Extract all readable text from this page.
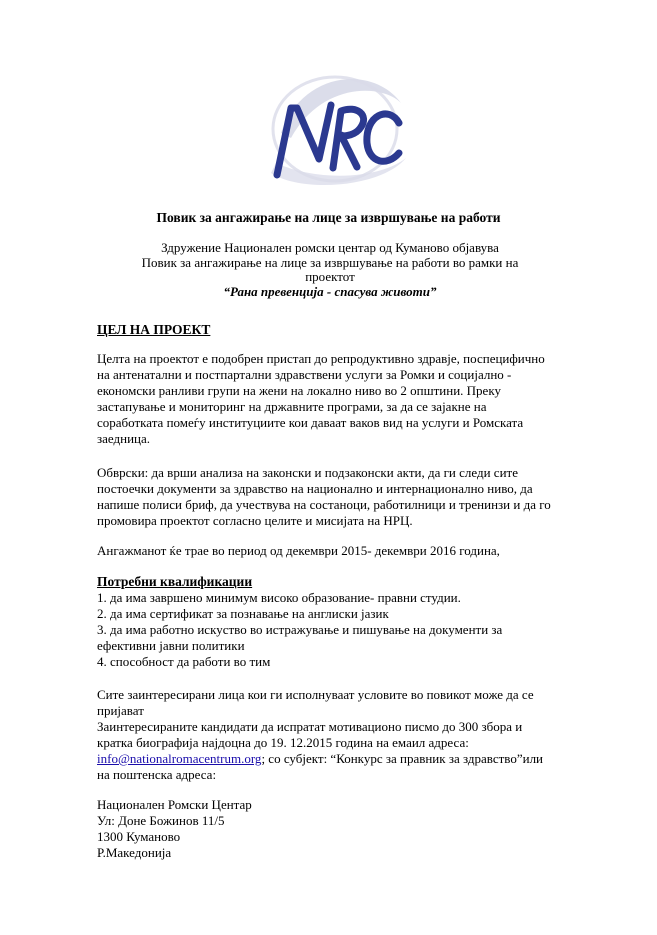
Повик за ангажирање на лице за извршување на работи
Здружение Национален ромски центар од Куманово објавува
Повик за ангажирање на лице за извршување на работи во рамки на
проектот
“Рана превенција - спасува животи”
ЦЕЛ НА ПРОЕКТ

Целта на проектот е подобрен пристап до репродуктивно здравје, поспецифично на антенатални и постпартални здравствени услуги за Ромки и социјално - економски ранливи групи на жени на локално ниво во 2 општини. Преку застапување и мониторинг на државните програми, за да се зајакне на соработката помеѓу институциите кои даваат ваков вид на услуги и Ромската заедница.

Обврски: да врши анализа на законски и подзаконски акти, да ги следи сите постоечки документи за здравство на национално и интернационално ниво, да напише полиси бриф, да учествува на состаноци, работилници и тренинзи и да го промовира проектот согласно целите и мисијата на НРЦ.

Ангажманот ќе трае во период од декември 2015- декември 2016 година,

Потребни квалификации
1. да има завршено минимум високо образование- правни студии.
2. да има сертификат за познавање на англиски јазик
3. да има работно искуство во истражување и пишување на документи за ефективни јавни политики
4. способност да работи во тим

Сите заинтересирани лица кои ги исполнуваат условите во повикот може да се пријават

Заинтересираните кандидати да испратат мотивационо писмо до 300 збора и кратка биографија најдоцна до 19. 12.2015 година на емаил адреса: info@nationalromacentrum.org; со субјект: “Конкурс за правник за здравство”или на поштенска адреса:

Национален Ромски Центар
Ул: Доне Божинов 11/5
1300 Куманово
Р.Македонија
